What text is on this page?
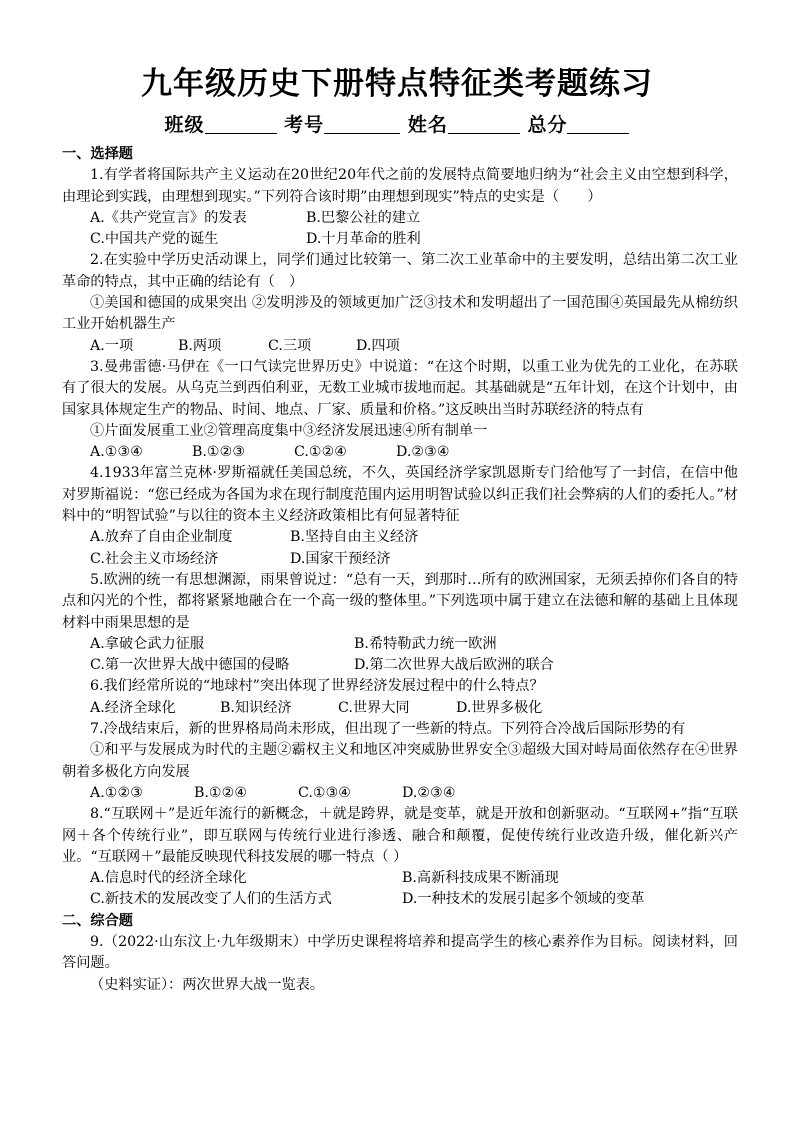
九年级历史下册特点特征类考题练习
班级	考号	姓名	总分

一、选择题

1.有学者将国际共产主义运动在20世纪20年代之前的发展特点简要地归纳为“社会主义由空想到科学，由理论到实践，由理想到现实。”下列符合该时期”由理想到现实”特点的史实是（　　）

A.《共产党宣言》的发表	B.巴黎公社的建立
C.中国共产党的诞生	D.十月革命的胜利

2.在实验中学历史活动课上，同学们通过比较第一、第二次工业革命中的主要发明，总结出第二次工业革命的特点，其中正确的结论有（　）

①美国和德国的成果突出 ②发明涉及的领域更加广泛③技术和发明超出了一国范围④英国最先从棉纺织工业开始机器生产

A.一项	B.两项	C.三项	D.四项

3.曼弗雷德·马伊在《一口气读完世界历史》中说道：“在这个时期，以重工业为优先的工业化，在苏联有了很大的发展。从乌克兰到西伯利亚，无数工业城市拔地而起。其基础就是“五年计划，在这个计划中，由国家具体规定生产的物品、时间、地点、厂家、质量和价格。”这反映出当时苏联经济的特点有

①片面发展重工业②管理高度集中③经济发展迅速④所有制单一

A.①③④	B.①②③	C.①②④	D.②③④

4.1933年富兰克林·罗斯福就任美国总统，不久，英国经济学家凯恩斯专门给他写了一封信，在信中他对罗斯福说：“您已经成为各国为求在现行制度范围内运用明智试验以纠正我们社会弊病的人们的委托人。”材料中的“明智试验”与以往的资本主义经济政策相比有何显著特征

A.放弃了自由企业制度	B.坚持自由主义经济
C.社会主义市场经济	D.国家干预经济

5.欧洲的统一有思想渊源，雨果曾说过：“总有一天，到那时…所有的欧洲国家，无须丢掉你们各自的特点和闪光的个性，都将紧紧地融合在一个高一级的整体里。”下列选项中属于建立在法德和解的基础上且体现材料中雨果思想的是

A.拿破仑武力征服	B.希特勒武力统一欧洲
C.第一次世界大战中德国的侵略	D.第二次世界大战后欧洲的联合

6.我们经常所说的“地球村”突出体现了世界经济发展过程中的什么特点？

A.经济全球化	B.知识经济	C.世界大同	D.世界多极化

7.冷战结束后，新的世界格局尚未形成，但出现了一些新的特点。下列符合冷战后国际形势的有

①和平与发展成为时代的主题②霸权主义和地区冲突威胁世界安全③超级大国对峙局面依然存在④世界朝着多极化方向发展

A.①②③	B.①②④	C.①③④	D.②③④

8.“互联网＋”是近年流行的新概念，＋就是跨界，就是变革，就是开放和创新驱动。“互联网+”指“互联网＋各个传统行业”，即互联网与传统行业进行渗透、融合和颠覆，促使传统行业改造升级，催化新兴产业。“互联网＋”最能反映现代科技发展的哪一特点（ ）

A.信息时代的经济全球化	B.高新科技成果不断涌现
C.新技术的发展改变了人们的生活方式	D.一种技术的发展引起多个领域的变革

二、综合题

9.（2022·山东汶上·九年级期末）中学历史课程将培养和提高学生的核心素养作为目标。阅读材料，回答问题。

（史料实证）：两次世界大战一览表。
